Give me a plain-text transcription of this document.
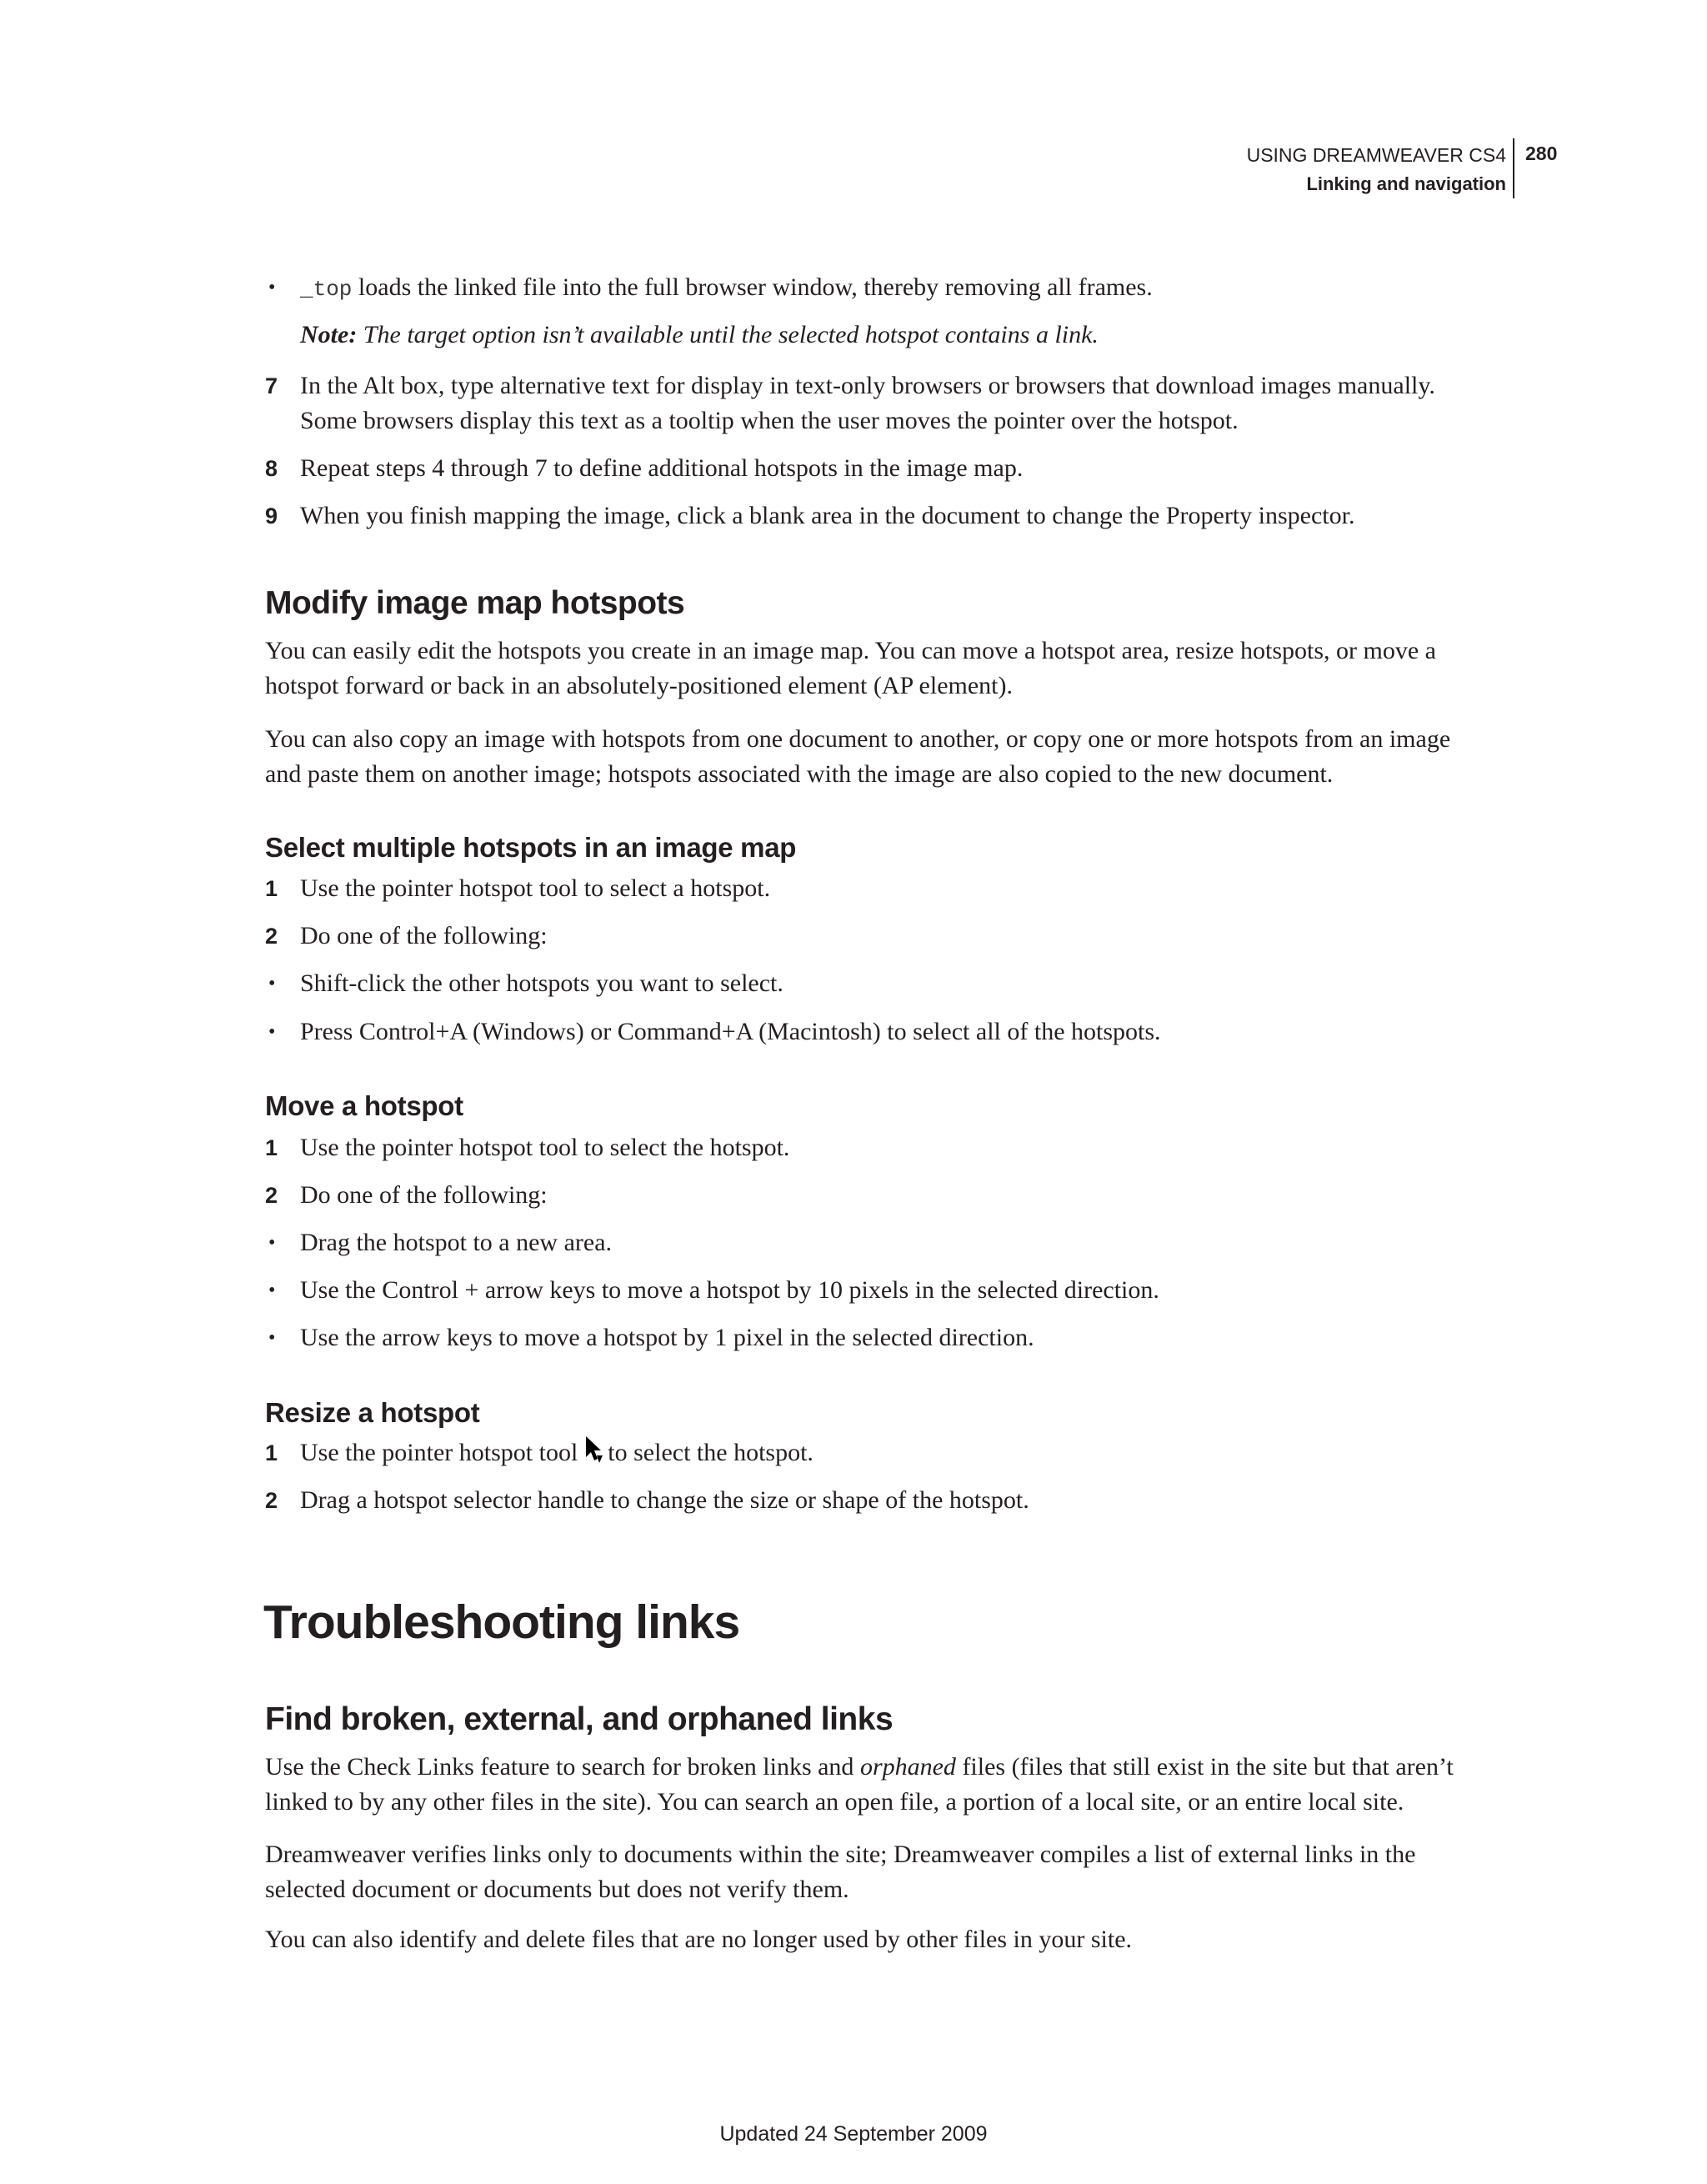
USING DREAMWEAVER CS4
Linking and navigation
280
• _top loads the linked file into the full browser window, thereby removing all frames.
Note: The target option isn’t available until the selected hotspot contains a link.
7 In the Alt box, type alternative text for display in text-only browsers or browsers that download images manually.
Some browsers display this text as a tooltip when the user moves the pointer over the hotspot.
8 Repeat steps 4 through 7 to define additional hotspots in the image map.
9 When you finish mapping the image, click a blank area in the document to change the Property inspector.
Modify image map hotspots
You can easily edit the hotspots you create in an image map. You can move a hotspot area, resize hotspots, or move a
hotspot forward or back in an absolutely-positioned element (AP element).
You can also copy an image with hotspots from one document to another, or copy one or more hotspots from an image
and paste them on another image; hotspots associated with the image are also copied to the new document.
Select multiple hotspots in an image map
1 Use the pointer hotspot tool to select a hotspot.
2 Do one of the following:
• Shift-click the other hotspots you want to select.
• Press Control+A (Windows) or Command+A (Macintosh) to select all of the hotspots.
Move a hotspot
1 Use the pointer hotspot tool to select the hotspot.
2 Do one of the following:
• Drag the hotspot to a new area.
• Use the Control + arrow keys to move a hotspot by 10 pixels in the selected direction.
• Use the arrow keys to move a hotspot by 1 pixel in the selected direction.
Resize a hotspot
1 Use the pointer hotspot tool to select the hotspot.
2 Drag a hotspot selector handle to change the size or shape of the hotspot.
Troubleshooting links
Find broken, external, and orphaned links
Use the Check Links feature to search for broken links and orphaned files (files that still exist in the site but that aren’t
linked to by any other files in the site). You can search an open file, a portion of a local site, or an entire local site.
Dreamweaver verifies links only to documents within the site; Dreamweaver compiles a list of external links in the
selected document or documents but does not verify them.
You can also identify and delete files that are no longer used by other files in your site.
Updated 24 September 2009
